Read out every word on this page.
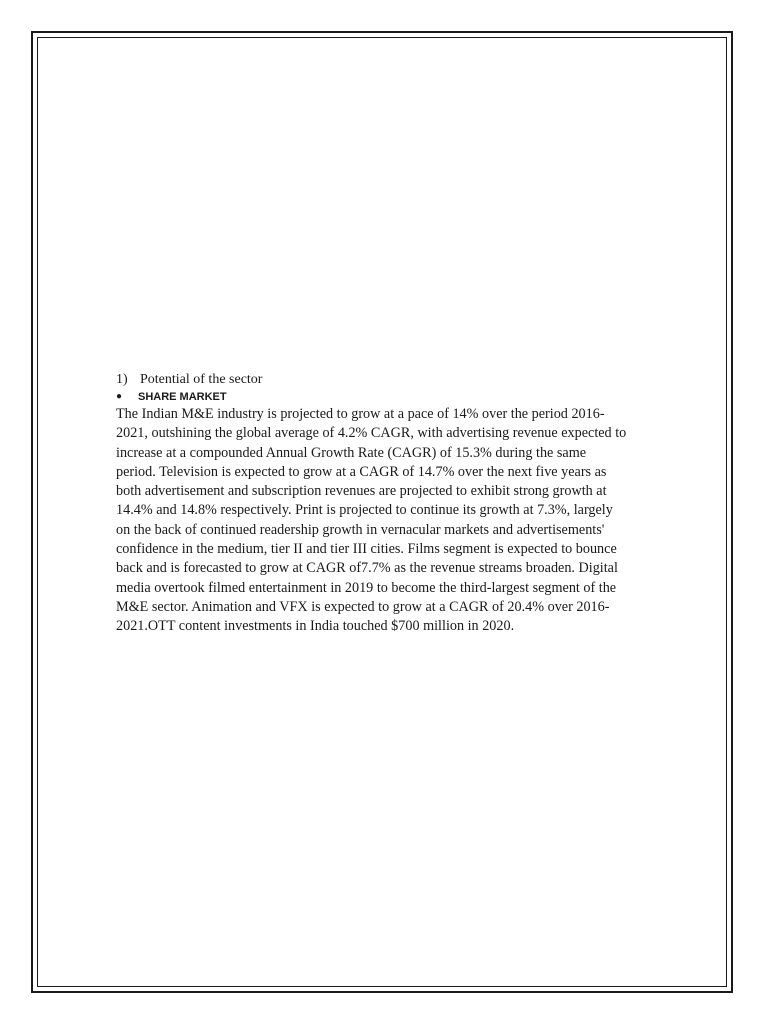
1) Potential of the sector
●	SHARE MARKET

The Indian M&E industry is projected to grow at a pace of 14% over the period 2016-
2021, outshining the global average of 4.2% CAGR, with advertising revenue expected to
increase at a compounded Annual Growth Rate (CAGR) of 15.3% during the same
period. Television is expected to grow at a CAGR of 14.7% over the next five years as
both advertisement and subscription revenues are projected to exhibit strong growth at
14.4% and 14.8% respectively. Print is projected to continue its growth at 7.3%, largely
on the back of continued readership growth in vernacular markets and advertisements'
confidence in the medium, tier II and tier III cities. Films segment is expected to bounce
back and is forecasted to grow at CAGR of7.7% as the revenue streams broaden. Digital
media overtook filmed entertainment in 2019 to become the third-largest segment of the
M&E sector. Animation and VFX is expected to grow at a CAGR of 20.4% over 2016-
2021.OTT content investments in India touched $700 million in 2020.
